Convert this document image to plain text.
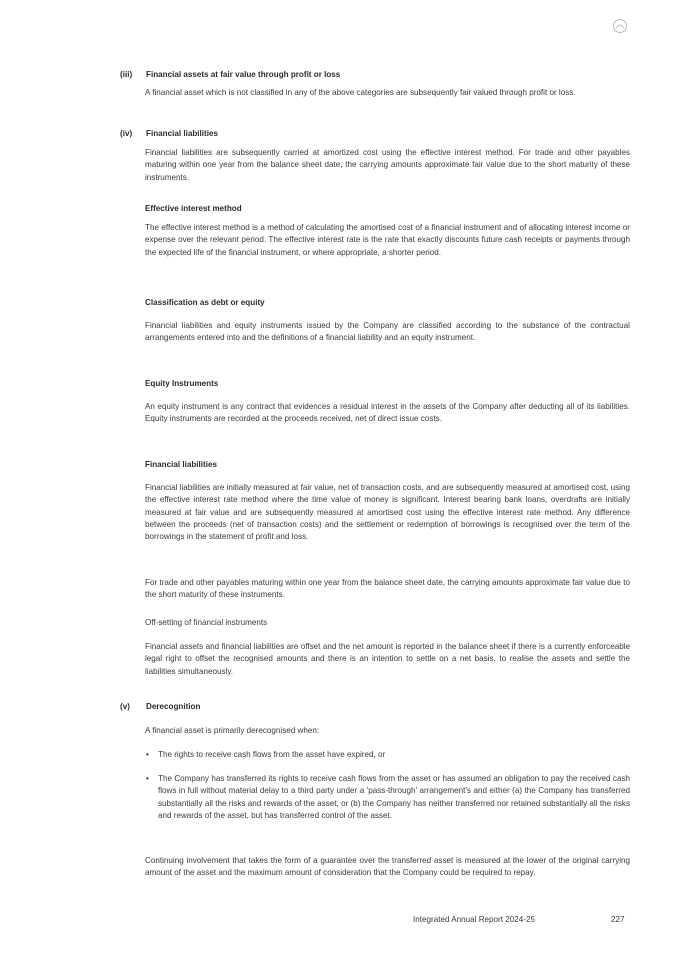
(iii) Financial assets at fair value through profit or loss

A financial asset which is not classified in any of the above categories are subsequently fair valued through profit or loss.

(iv) Financial liabilities

Financial liabilities are subsequently carried at amortized cost using the effective interest method. For trade and other payables maturing within one year from the balance sheet date, the carrying amounts approximate fair value due to the short maturity of these instruments.

Effective interest method

The effective interest method is a method of calculating the amortised cost of a financial instrument and of allocating interest income or expense over the relevant period. The effective interest rate is the rate that exactly discounts future cash receipts or payments through the expected life of the financial instrument, or where appropriate, a shorter period.

Classification as debt or equity

Financial liabilities and equity instruments issued by the Company are classified according to the substance of the contractual arrangements entered into and the definitions of a financial liability and an equity instrument.

Equity Instruments

An equity instrument is any contract that evidences a residual interest in the assets of the Company after deducting all of its liabilities. Equity instruments are recorded at the proceeds received, net of direct issue costs.

Financial liabilities

Financial liabilities are initially measured at fair value, net of transaction costs, and are subsequently measured at amortised cost, using the effective interest rate method where the time value of money is significant. Interest bearing bank loans, overdrafts are initially measured at fair value and are subsequently measured at amortised cost using the effective interest rate method. Any difference between the proceeds (net of transaction costs) and the settlement or redemption of borrowings is recognised over the term of the borrowings in the statement of profit and loss.

For trade and other payables maturing within one year from the balance sheet date, the carrying amounts approximate fair value due to the short maturity of these instruments.

Off-setting of financial instruments

Financial assets and financial liabilities are offset and the net amount is reported in the balance sheet if there is a currently enforceable legal right to offset the recognised amounts and there is an intention to settle on a net basis, to realise the assets and settle the liabilities simultaneously.

(v) Derecognition

A financial asset is primarily derecognised when:

• The rights to receive cash flows from the asset have expired, or

• The Company has transferred its rights to receive cash flows from the asset or has assumed an obligation to pay the received cash flows in full without material delay to a third party under a 'pass-through' arrangement's and either (a) the Company has transferred substantially all the risks and rewards of the asset, or (b) the Company has neither transferred nor retained substantially all the risks and rewards of the asset, but has transferred control of the asset.

Continuing involvement that takes the form of a guarantee over the transferred asset is measured at the lower of the original carrying amount of the asset and the maximum amount of consideration that the Company could be required to repay.

Integrated Annual Report 2024-25	227
